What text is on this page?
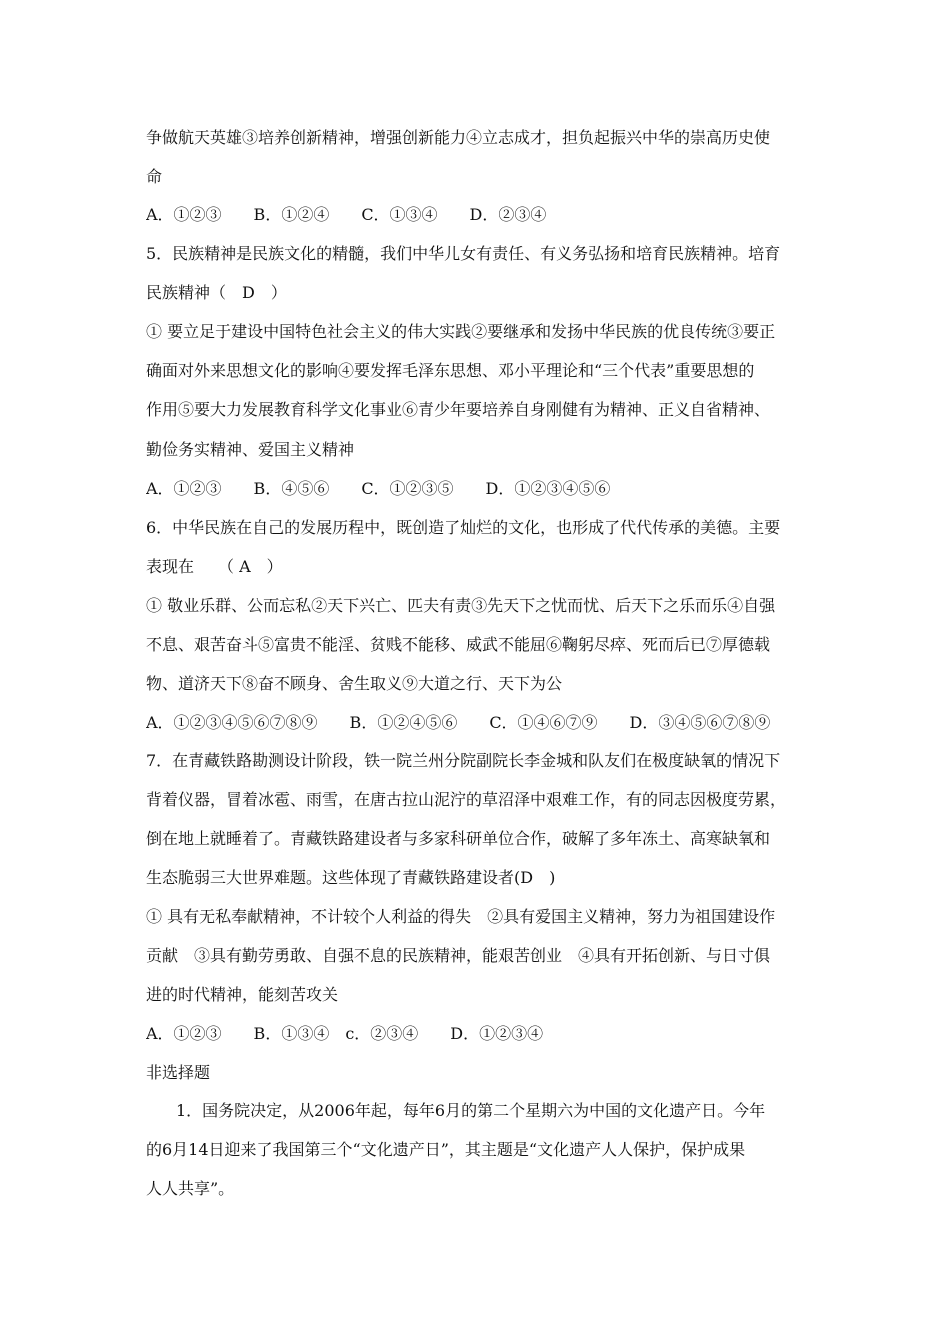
争做航天英雄③培养创新精神，增强创新能力④立志成才，担负起振兴中华的崇高历史使
命
A．①②③　　B．①②④　　C．①③④　　D．②③④
5．民族精神是民族文化的精髓，我们中华儿女有责任、有义务弘扬和培育民族精神。培育
民族精神（　D　）
① 要立足于建设中国特色社会主义的伟大实践②要继承和发扬中华民族的优良传统③要正
确面对外来思想文化的影响④要发挥毛泽东思想、邓小平理论和“三个代表”重要思想的
作用⑤要大力发展教育科学文化事业⑥青少年要培养自身刚健有为精神、正义自省精神、
勤俭务实精神、爱国主义精神
A．①②③　　B．④⑤⑥　　C．①②③⑤　　D．①②③④⑤⑥
6．中华民族在自己的发展历程中，既创造了灿烂的文化，也形成了代代传承的美德。主要
表现在　　（ A　）
① 敬业乐群、公而忘私②天下兴亡、匹夫有责③先天下之忧而忧、后天下之乐而乐④自强
不息、艰苦奋斗⑤富贵不能淫、贫贱不能移、威武不能屈⑥鞠躬尽瘁、死而后已⑦厚德载
物、道济天下⑧奋不顾身、舍生取义⑨大道之行、天下为公
A．①②③④⑤⑥⑦⑧⑨　　B．①②④⑤⑥　　C．①④⑥⑦⑨　　D．③④⑤⑥⑦⑧⑨
7．在青藏铁路勘测设计阶段，铁一院兰州分院副院长李金城和队友们在极度缺氧的情况下
背着仪器，冒着冰雹、雨雪，在唐古拉山泥泞的草沼泽中艰难工作，有的同志因极度劳累，
倒在地上就睡着了。青藏铁路建设者与多家科研单位合作，破解了多年冻土、高寒缺氧和
生态脆弱三大世界难题。这些体现了青藏铁路建设者(D　)
① 具有无私奉献精神，不计较个人利益的得失　②具有爱国主义精神，努力为祖国建设作
贡献　③具有勤劳勇敢、自强不息的民族精神，能艰苦创业　④具有开拓创新、与日寸俱
进的时代精神，能刻苦攻关
A．①②③　　B．①③④　c．②③④　　D．①②③④
非选择题
1．国务院决定，从2006年起，每年6月的第二个星期六为中国的文化遗产日。今年
的6月14日迎来了我国第三个“文化遗产日”，其主题是“文化遗产人人保护，保护成果
人人共享”。
